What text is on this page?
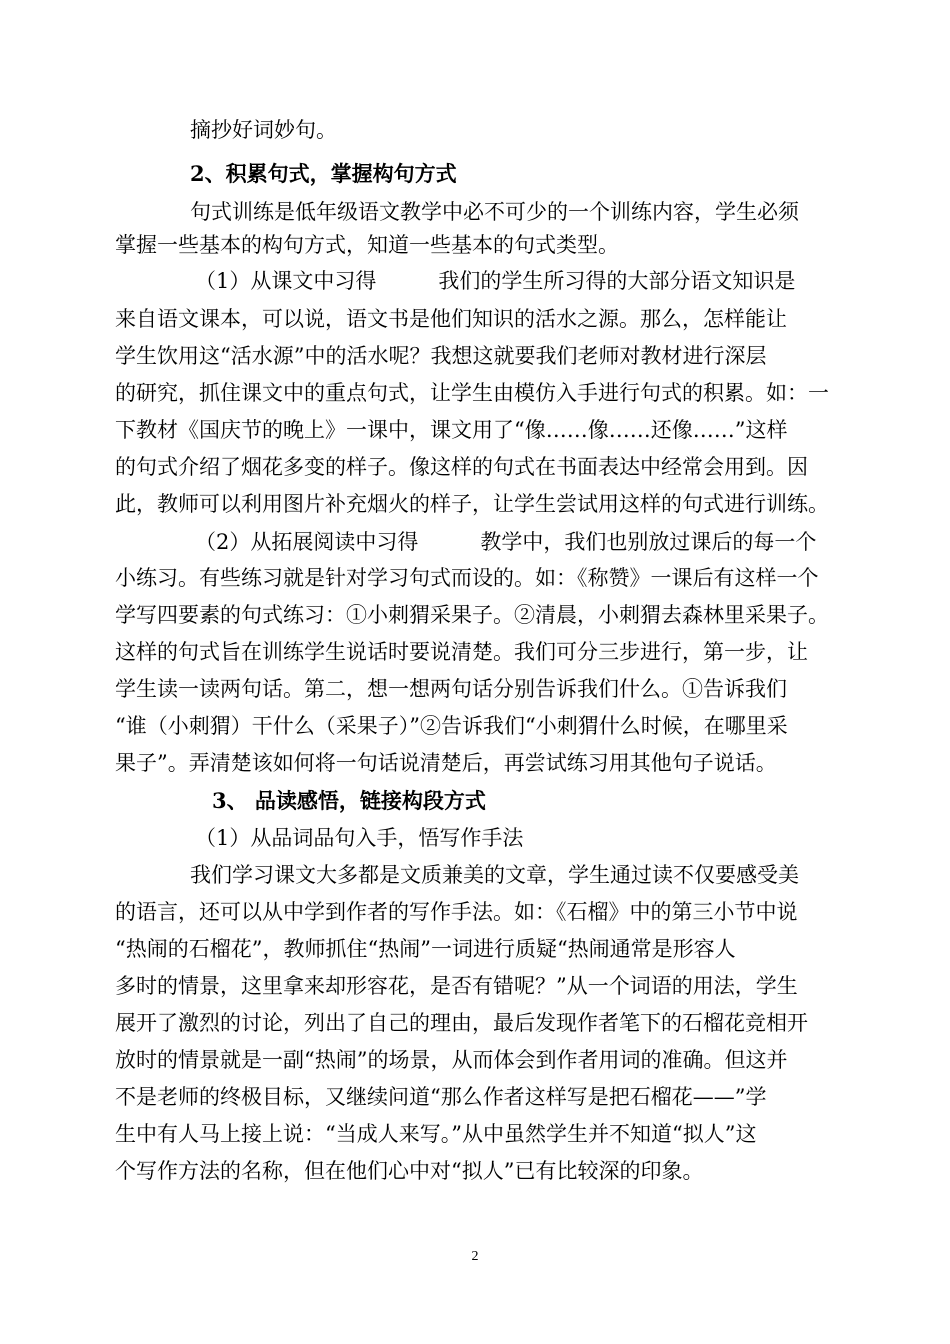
摘抄好词妙句。
2、积累句式，掌握构句方式
句式训练是低年级语文教学中必不可少的一个训练内容，学生必须
掌握一些基本的构句方式，知道一些基本的句式类型。
（1）从课文中习得	我们的学生所习得的大部分语文知识是
来自语文课本，可以说，语文书是他们知识的活水之源。那么，怎样能让
学生饮用这“活水源”中的活水呢？我想这就要我们老师对教材进行深层
的研究，抓住课文中的重点句式，让学生由模仿入手进行句式的积累。如：一
下教材《国庆节的晚上》一课中，课文用了“像……像……还像……”这样
的句式介绍了烟花多变的样子。像这样的句式在书面表达中经常会用到。因
此，教师可以利用图片补充烟火的样子，让学生尝试用这样的句式进行训练。
（2）从拓展阅读中习得	教学中，我们也别放过课后的每一个
小练习。有些练习就是针对学习句式而设的。如：《称赞》一课后有这样一个
学写四要素的句式练习：①小刺猬采果子。②清晨，小刺猬去森林里采果子。
这样的句式旨在训练学生说话时要说清楚。我们可分三步进行，第一步，让
学生读一读两句话。第二，想一想两句话分别告诉我们什么。①告诉我们
“谁（小刺猬）干什么（采果子）”②告诉我们“小刺猬什么时候，在哪里采
果子”。弄清楚该如何将一句话说清楚后，再尝试练习用其他句子说话。
3、 品读感悟，链接构段方式
（1）从品词品句入手，悟写作手法
我们学习课文大多都是文质兼美的文章，学生通过读不仅要感受美
的语言，还可以从中学到作者的写作手法。如：《石榴》中的第三小节中说
“热闹的石榴花”，教师抓住“热闹”一词进行质疑“热闹通常是形容人
多时的情景，这里拿来却形容花，是否有错呢？”从一个词语的用法，学生
展开了激烈的讨论，列出了自己的理由，最后发现作者笔下的石榴花竞相开
放时的情景就是一副“热闹”的场景，从而体会到作者用词的准确。但这并
不是老师的终极目标，又继续问道“那么作者这样写是把石榴花——”学
生中有人马上接上说：“当成人来写。”从中虽然学生并不知道“拟人”这
个写作方法的名称，但在他们心中对“拟人”已有比较深的印象。
2
